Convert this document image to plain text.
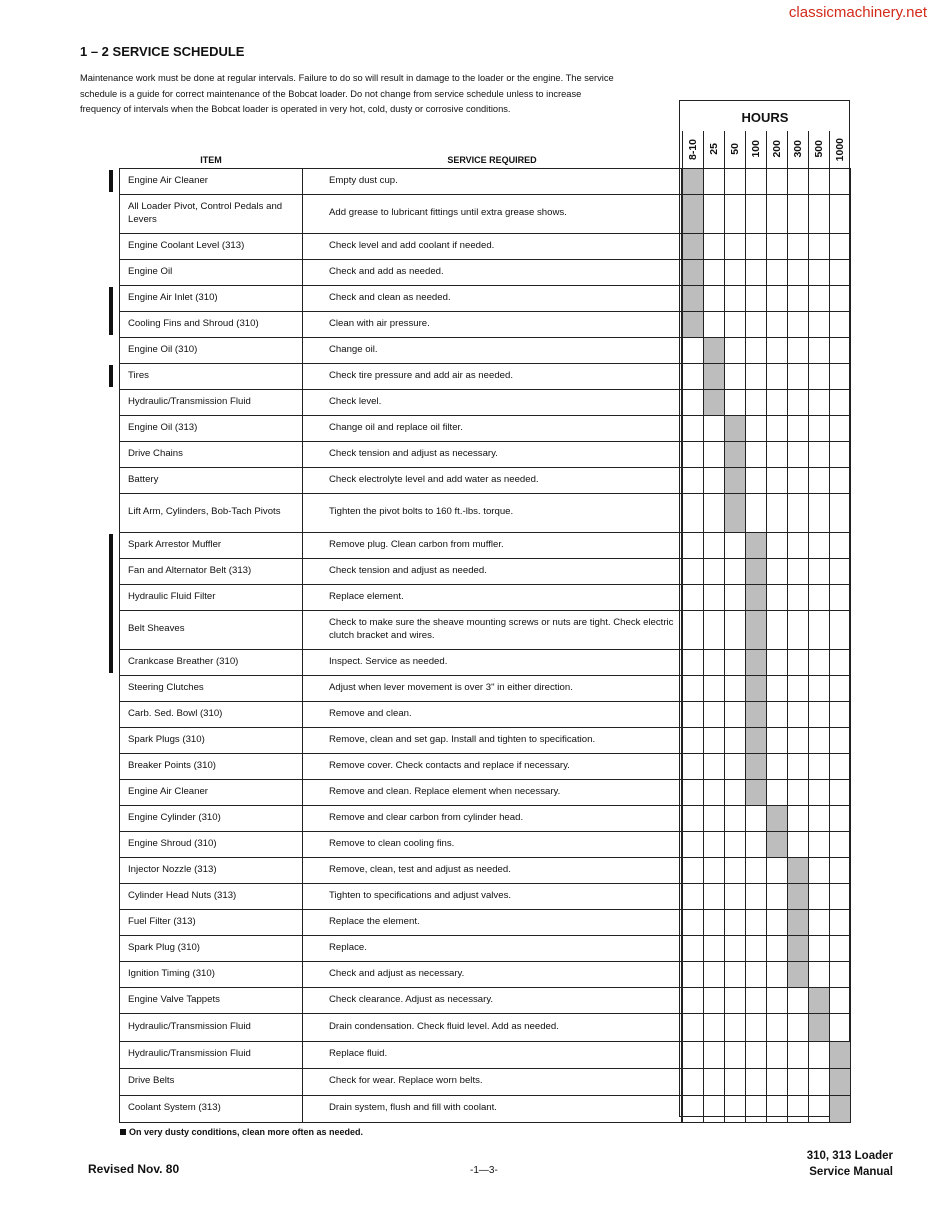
classicmachinery.net
1 – 2 SERVICE SCHEDULE
Maintenance work must be done at regular intervals. Failure to do so will result in damage to the loader or the engine. The service schedule is a guide for correct maintenance of the Bobcat loader. Do not change from service schedule unless to increase frequency of intervals when the Bobcat loader is operated in very hot, cold, dusty or corrosive conditions.
HOURS
ITEM	SERVICE REQUIRED		8-10	25	50	100	200	300	500	1000

Engine Air Cleaner	Empty dust cup.									
All Loader Pivot, Control Pedals and Levers	Add grease to lubricant fittings until extra grease shows.									
Engine Coolant Level (313)	Check level and add coolant if needed.									
Engine Oil	Check and add as needed.									
Engine Air Inlet (310)	Check and clean as needed.									
Cooling Fins and Shroud (310)	Clean with air pressure.									
Engine Oil (310)	Change oil.									
Tires	Check tire pressure and add air as needed.									
Hydraulic/Transmission Fluid	Check level.									
Engine Oil (313)	Change oil and replace oil filter.									
Drive Chains	Check tension and adjust as necessary.									
Battery	Check electrolyte level and add water as needed.									
Lift Arm, Cylinders, Bob-Tach Pivots	Tighten the pivot bolts to 160 ft.-lbs. torque.									
Spark Arrestor Muffler	Remove plug. Clean carbon from muffler.									
Fan and Alternator Belt (313)	Check tension and adjust as needed.									
Hydraulic Fluid Filter	Replace element.									
Belt Sheaves	Check to make sure the sheave mounting screws or nuts are tight. Check electric clutch bracket and wires.									
Crankcase Breather (310)	Inspect. Service as needed.									
Steering Clutches	Adjust when lever movement is over 3" in either direction.									
Carb. Sed. Bowl (310)	Remove and clean.									
Spark Plugs (310)	Remove, clean and set gap. Install and tighten to specification.									
Breaker Points (310)	Remove cover. Check contacts and replace if necessary.									
Engine Air Cleaner	Remove and clean. Replace element when necessary.									
Engine Cylinder (310)	Remove and clear carbon from cylinder head.									
Engine Shroud (310)	Remove to clean cooling fins.									
Injector Nozzle (313)	Remove, clean, test and adjust as needed.									
Cylinder Head Nuts (313)	Tighten to specifications and adjust valves.									
Fuel Filter (313)	Replace the element.									
Spark Plug (310)	Replace.									
Ignition Timing (310)	Check and adjust as necessary.									
Engine Valve Tappets	Check clearance. Adjust as necessary.									
Hydraulic/Transmission Fluid	Drain condensation. Check fluid level. Add as needed.									
Hydraulic/Transmission Fluid	Replace fluid.									
Drive Belts	Check for wear. Replace worn belts.									
Coolant System (313)	Drain system, flush and fill with coolant.									
On very dusty conditions, clean more often as needed.
Revised Nov. 80	-1—3-
310, 313 Loader
Service Manual
